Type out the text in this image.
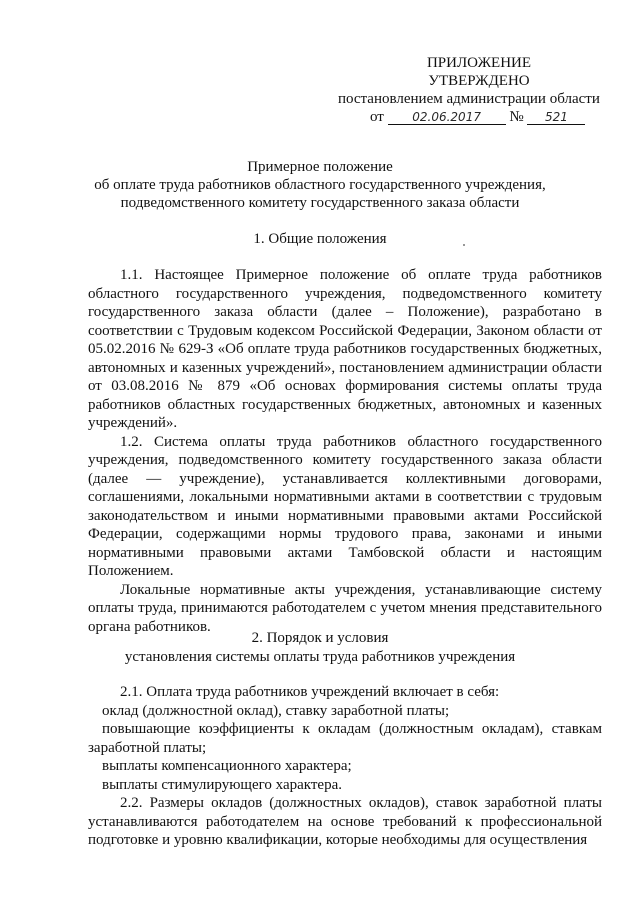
ПРИЛОЖЕНИЕ
УТВЕРЖДЕНО
постановлением администрации области
от 02.06.2017 № 521
Примерное положение
об оплате труда работников областного государственного учреждения,
подведомственного комитету государственного заказа области
1. Общие положения

1.1. Настоящее Примерное положение об оплате труда работников областного государственного учреждения, подведомственного комитету государственного заказа области (далее – Положение), разработано в соответствии с Трудовым кодексом Российской Федерации, Законом области от 05.02.2016 № 629-З «Об оплате труда работников государственных бюджетных, автономных и казенных учреждений», постановлением администрации области от 03.08.2016 № 879 «Об основах формирования системы оплаты труда работников областных государственных бюджетных, автономных и казенных учреждений».

1.2. Система оплаты труда работников областного государственного учреждения, подведомственного комитету государственного заказа области (далее — учреждение), устанавливается коллективными договорами, соглашениями, локальными нормативными актами в соответствии с трудовым законодательством и иными нормативными правовыми актами Российской Федерации, содержащими нормы трудового права, законами и иными нормативными правовыми актами Тамбовской области и настоящим Положением.

Локальные нормативные акты учреждения, устанавливающие систему оплаты труда, принимаются работодателем с учетом мнения представительного органа работников.

2. Порядок и условия
установления системы оплаты труда работников учреждения

2.1. Оплата труда работников учреждений включает в себя:

оклад (должностной оклад), ставку заработной платы;

повышающие коэффициенты к окладам (должностным окладам), ставкам заработной платы;

выплаты компенсационного характера;

выплаты стимулирующего характера.

2.2. Размеры окладов (должностных окладов), ставок заработной платы устанавливаются работодателем на основе требований к профессиональной подготовке и уровню квалификации, которые необходимы для осуществления
